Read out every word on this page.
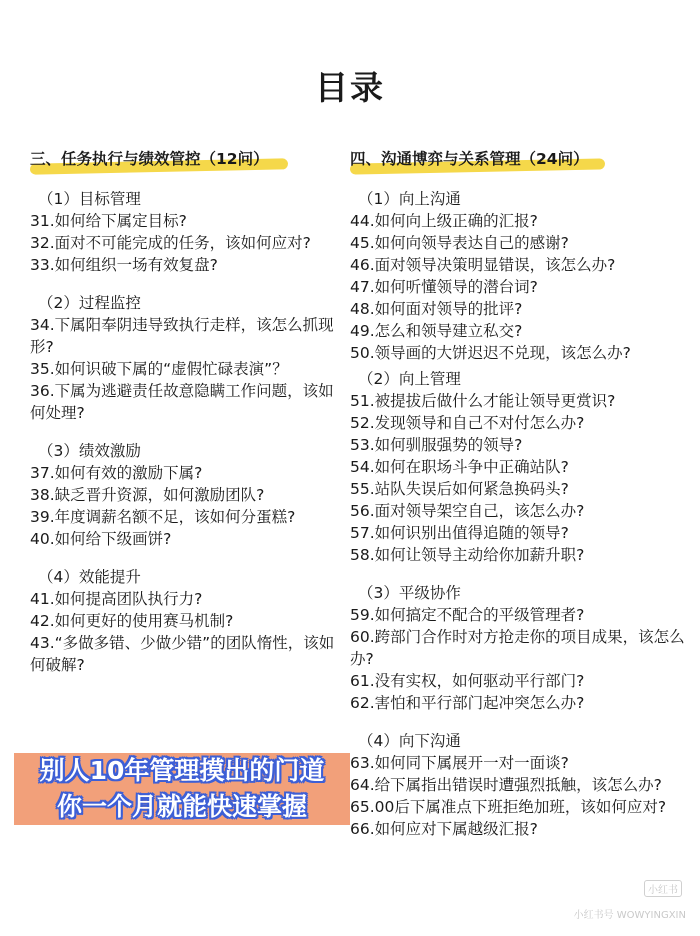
目录
三、任务执行与绩效管控（12问）
（1）目标管理
31.如何给下属定目标?
32.面对不可能完成的任务，该如何应对?
33.如何组织一场有效复盘?
（2）过程监控
34.下属阳奉阴违导致执行走样，该怎么抓现形?
35.如何识破下属的“虚假忙碌表演”？
36.下属为逃避责任故意隐瞒工作问题，该如何处理?
（3）绩效激励
37.如何有效的激励下属?
38.缺乏晋升资源，如何激励团队?
39.年度调薪名额不足，该如何分蛋糕?
40.如何给下级画饼?
（4）效能提升
41.如何提高团队执行力?
42.如何更好的使用赛马机制?
43.“多做多错、少做少错”的团队惰性，该如何破解?
四、沟通博弈与关系管理（24问）
（1）向上沟通
44.如何向上级正确的汇报?
45.如何向领导表达自己的感谢?
46.面对领导决策明显错误，该怎么办?
47.如何听懂领导的潜台词?
48.如何面对领导的批评?
49.怎么和领导建立私交?
50.领导画的大饼迟迟不兑现，该怎么办?
（2）向上管理
51.被提拔后做什么才能让领导更赏识?
52.发现领导和自己不对付怎么办?
53.如何驯服强势的领导?
54.如何在职场斗争中正确站队?
55.站队失误后如何紧急换码头?
56.面对领导架空自己，该怎么办?
57.如何识别出值得追随的领导?
58.如何让领导主动给你加薪升职?
（3）平级协作
59.如何搞定不配合的平级管理者?
60.跨部门合作时对方抢走你的项目成果，该怎么办?
61.没有实权，如何驱动平行部门?
62.害怕和平行部门起冲突怎么办?
（4）向下沟通
63.如何同下属展开一对一面谈?
64.给下属指出错误时遭强烈抵触，该怎么办?
65.00后下属准点下班拒绝加班，该如何应对?
66.如何应对下属越级汇报?
别人10年管理摸出的门道
你一个月就能快速掌握
小红书
小红书号 WOWYINGXIN
